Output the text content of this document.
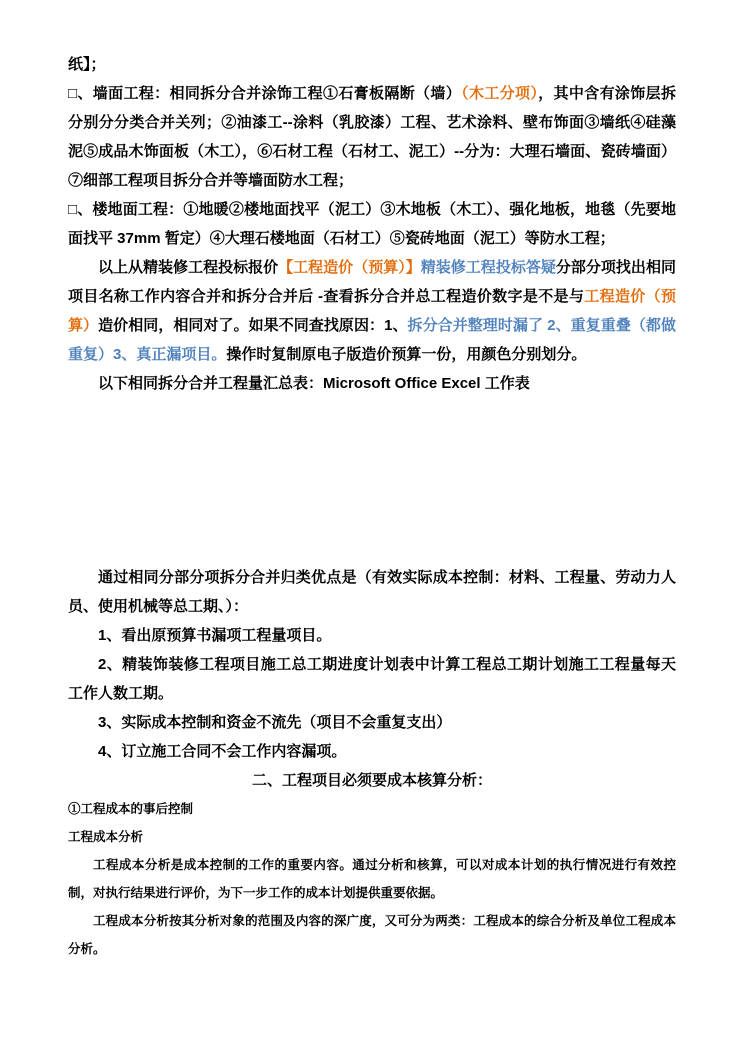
纸】；

□、墙面工程：相同拆分合并涂饰工程①石膏板隔断（墙）（木工分项），其中含有涂饰层拆分别分分类合并关列；②油漆工--涂料（乳胶漆）工程、艺术涂料、壁布饰面③墙纸④硅藻泥⑤成品木饰面板（木工），⑥石材工程（石材工、泥工）--分为：大理石墙面、瓷砖墙面）⑦细部工程项目拆分合并等墙面防水工程；

□、楼地面工程：①地暖②楼地面找平（泥工）③木地板（木工）、强化地板，地毯（先要地面找平 37mm 暂定）④大理石楼地面（石材工）⑤瓷砖地面（泥工）等防水工程；

以上从精装修工程投标报价【工程造价（预算）】精装修工程投标答疑分部分项找出相同项目名称工作内容合并和拆分合并后 -查看拆分合并总工程造价数字是不是与工程造价（预算）造价相同，相同对了。如果不同查找原因：1、拆分合并整理时漏了 2、重复重叠（都做重复）3、真正漏项目。操作时复制原电子版造价预算一份，用颜色分别划分。

以下相同拆分合并工程量汇总表：Microsoft Office Excel 工作表

通过相同分部分项拆分合并归类优点是（有效实际成本控制：材料、工程量、劳动力人员、使用机械等总工期、）：

1、看出原预算书漏项工程量项目。

2、精装饰装修工程项目施工总工期进度计划表中计算工程总工期计划施工工程量每天工作人数工期。

3、实际成本控制和资金不流先（项目不会重复支出）

4、订立施工合同不会工作内容漏项。

二、工程项目必须要成本核算分析：

①工程成本的事后控制

工程成本分析

工程成本分析是成本控制的工作的重要内容。通过分析和核算，可以对成本计划的执行情况进行有效控制，对执行结果进行评价，为下一步工作的成本计划提供重要依据。

工程成本分析按其分析对象的范围及内容的深广度，又可分为两类：工程成本的综合分析及单位工程成本分析。
